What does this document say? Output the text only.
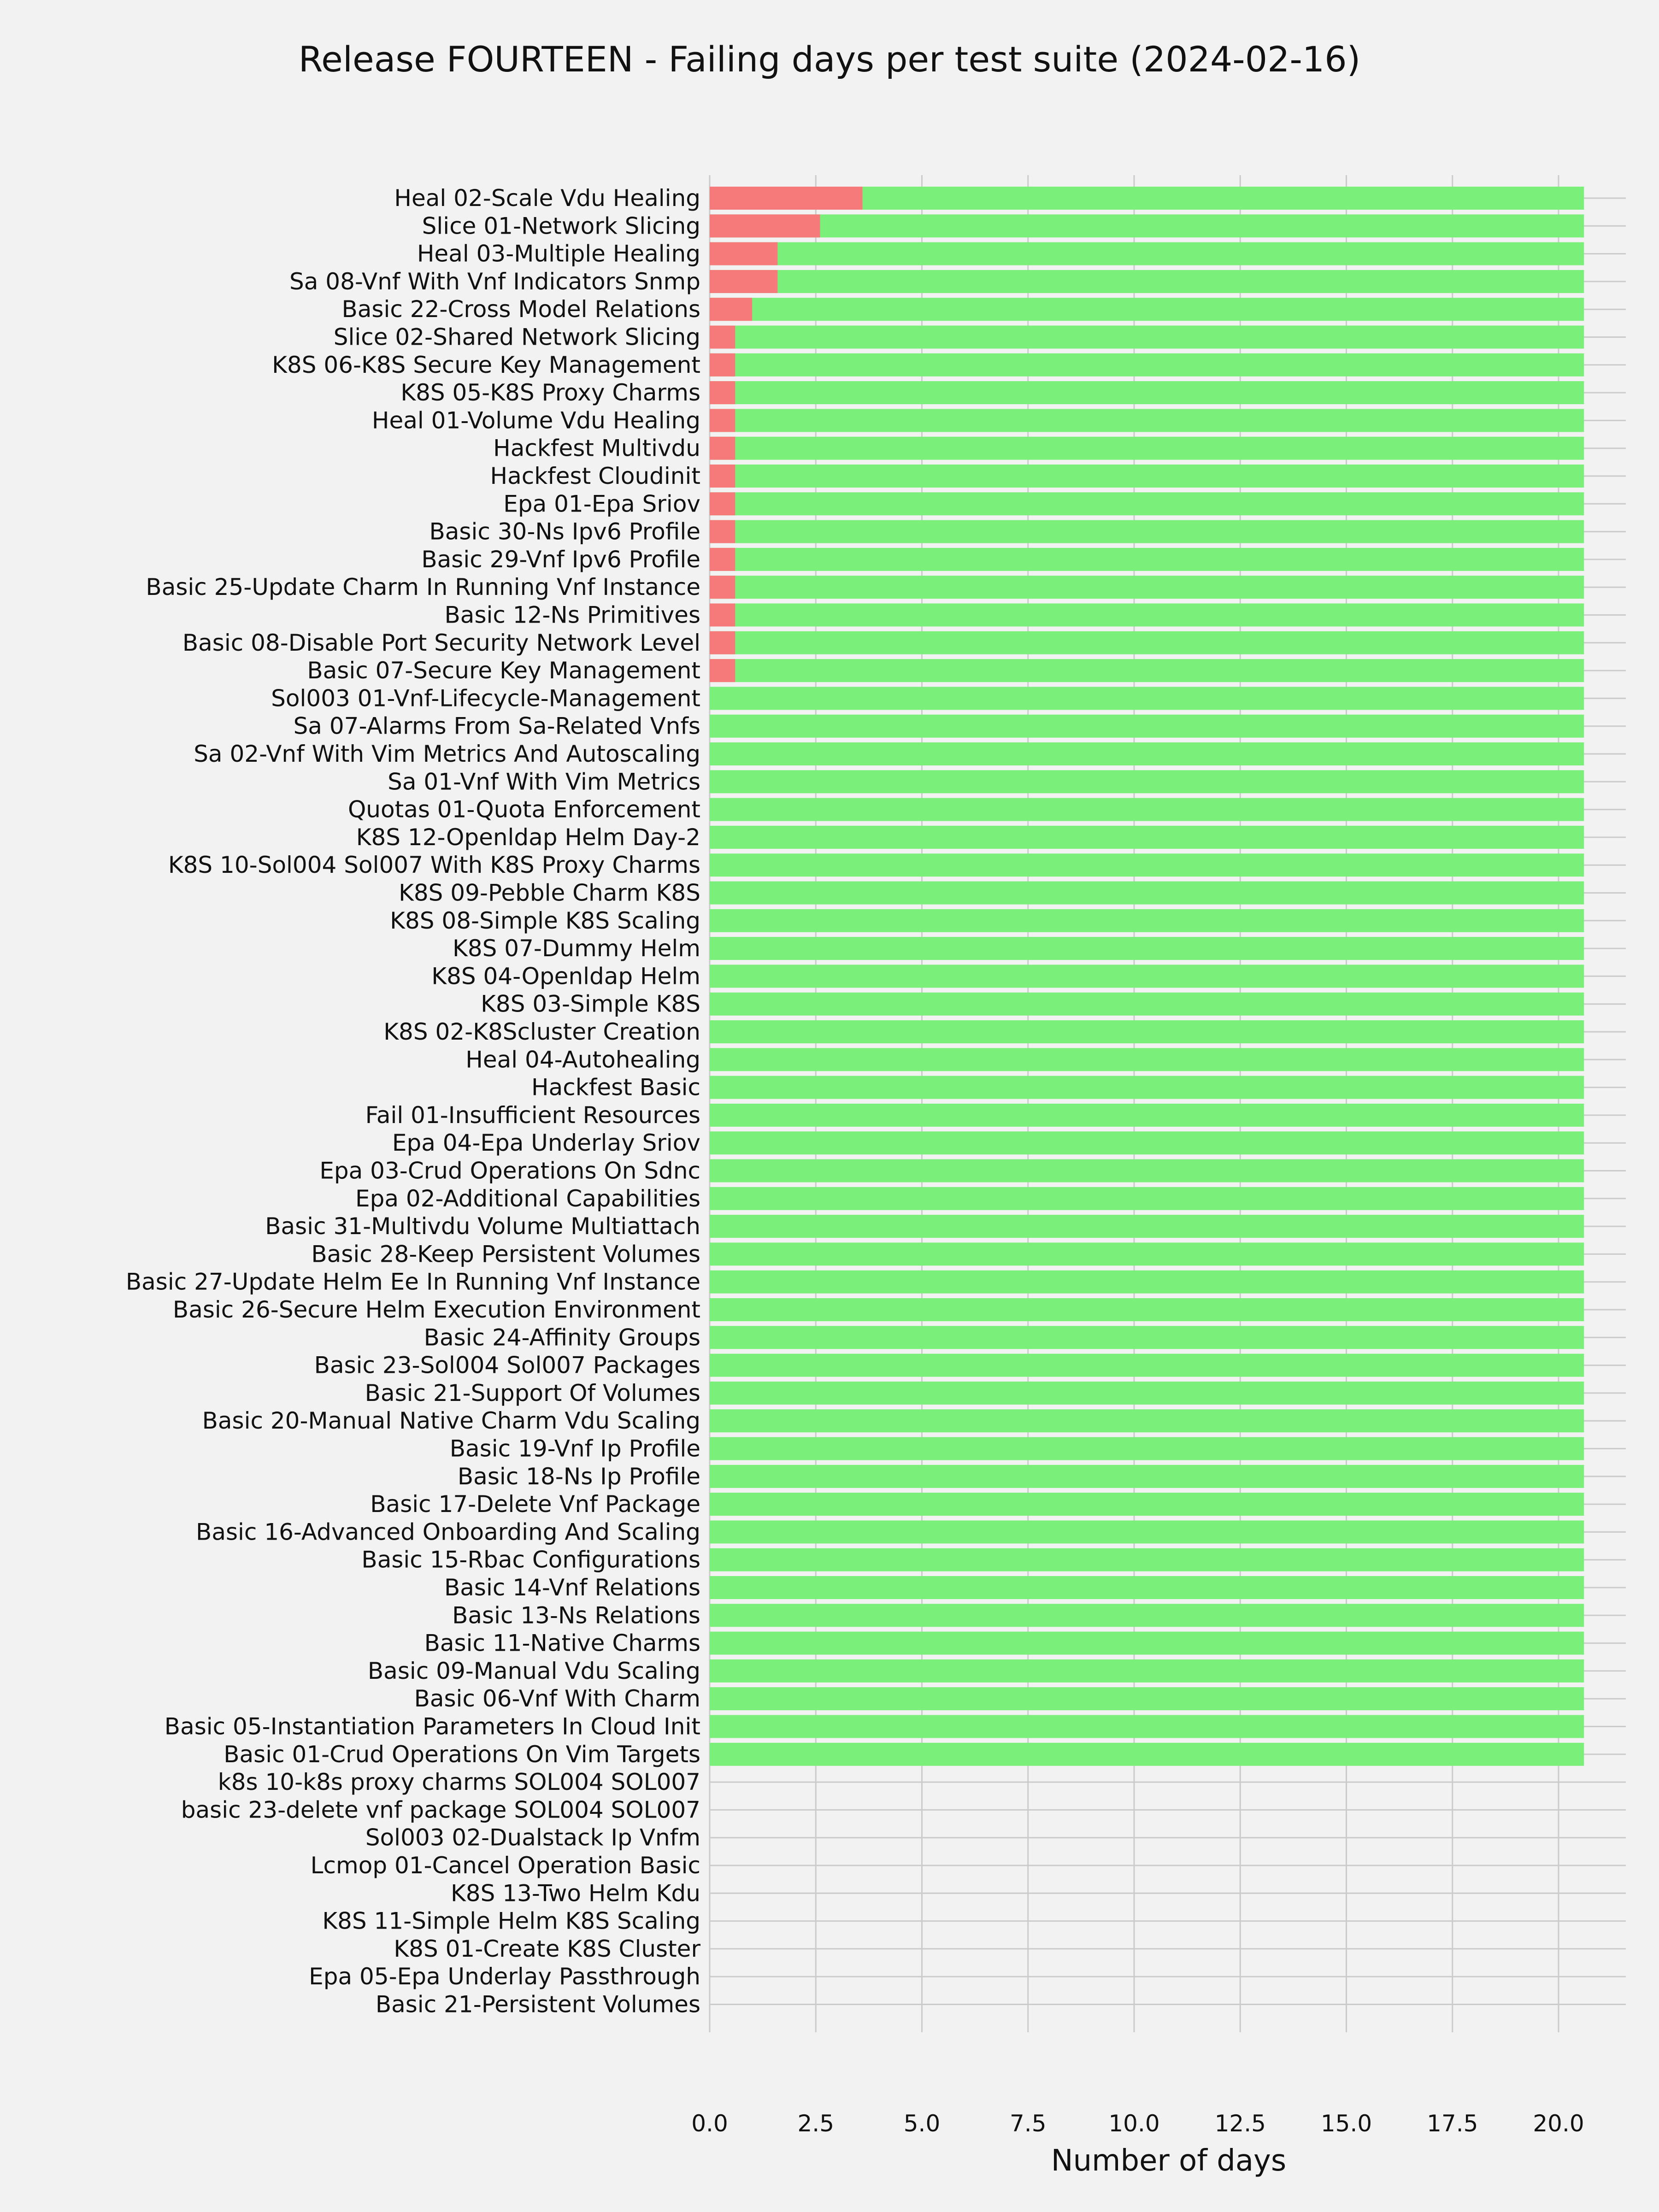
Release FOURTEEN - Failing days per test suite (2024-02-16)
Heal 02-Scale Vdu Healing
Slice 01-Network Slicing
Heal 03-Multiple Healing
Sa 08-Vnf With Vnf Indicators Snmp
Basic 22-Cross Model Relations
Slice 02-Shared Network Slicing
K8S 06-K8S Secure Key Management
K8S 05-K8S Proxy Charms
Heal 01-Volume Vdu Healing
Hackfest Multivdu
Hackfest Cloudinit
Epa 01-Epa Sriov
Basic 30-Ns Ipv6 Profile
Basic 29-Vnf Ipv6 Profile
Basic 25-Update Charm In Running Vnf Instance
Basic 12-Ns Primitives
Basic 08-Disable Port Security Network Level
Basic 07-Secure Key Management
Sol003 01-Vnf-Lifecycle-Management
Sa 07-Alarms From Sa-Related Vnfs
Sa 02-Vnf With Vim Metrics And Autoscaling
Sa 01-Vnf With Vim Metrics
Quotas 01-Quota Enforcement
K8S 12-Openldap Helm Day-2
K8S 10-Sol004 Sol007 With K8S Proxy Charms
K8S 09-Pebble Charm K8S
K8S 08-Simple K8S Scaling
K8S 07-Dummy Helm
K8S 04-Openldap Helm
K8S 03-Simple K8S
K8S 02-K8Scluster Creation
Heal 04-Autohealing
Hackfest Basic
Fail 01-Insufficient Resources
Epa 04-Epa Underlay Sriov
Epa 03-Crud Operations On Sdnc
Epa 02-Additional Capabilities
Basic 31-Multivdu Volume Multiattach
Basic 28-Keep Persistent Volumes
Basic 27-Update Helm Ee In Running Vnf Instance
Basic 26-Secure Helm Execution Environment
Basic 24-Affinity Groups
Basic 23-Sol004 Sol007 Packages
Basic 21-Support Of Volumes
Basic 20-Manual Native Charm Vdu Scaling
Basic 19-Vnf Ip Profile
Basic 18-Ns Ip Profile
Basic 17-Delete Vnf Package
Basic 16-Advanced Onboarding And Scaling
Basic 15-Rbac Configurations
Basic 14-Vnf Relations
Basic 13-Ns Relations
Basic 11-Native Charms
Basic 09-Manual Vdu Scaling
Basic 06-Vnf With Charm
Basic 05-Instantiation Parameters In Cloud Init
Basic 01-Crud Operations On Vim Targets
k8s 10-k8s proxy charms SOL004 SOL007
basic 23-delete vnf package SOL004 SOL007
Sol003 02-Dualstack Ip Vnfm
Lcmop 01-Cancel Operation Basic
K8S 13-Two Helm Kdu
K8S 11-Simple Helm K8S Scaling
K8S 01-Create K8S Cluster
Epa 05-Epa Underlay Passthrough
Basic 21-Persistent Volumes
0.0	2.5	5.0	7.5	10.0 12.5 15.0 17.5 20.0
Number of days
